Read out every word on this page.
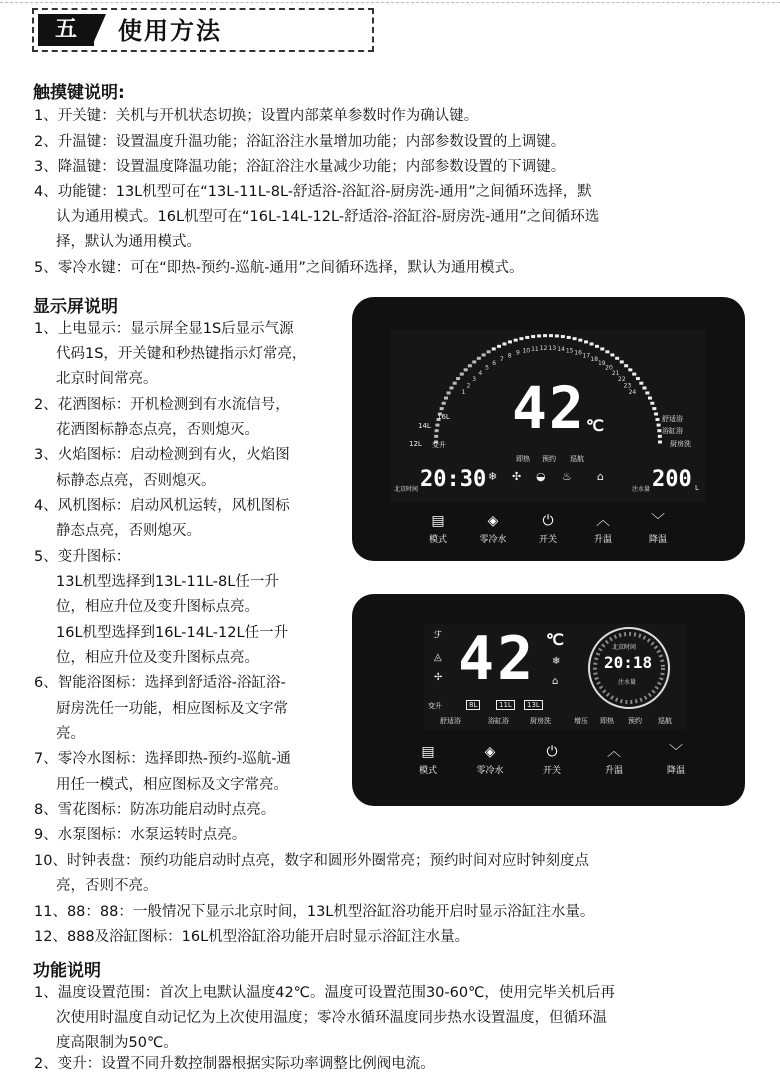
五	使用方法
触摸键说明:
1、开关键：关机与开机状态切换；设置内部菜单参数时作为确认键。
2、升温键：设置温度升温功能；浴缸浴注水量增加功能；内部参数设置的上调键。
3、降温键：设置温度降温功能；浴缸浴注水量减少功能；内部参数设置的下调键。
4、功能键：13L机型可在“13L-11L-8L-舒适浴-浴缸浴-厨房洗-通用”之间循环选择，默
认为通用模式。16L机型可在“16L-14L-12L-舒适浴-浴缸浴-厨房洗-通用”之间循环选
择，默认为通用模式。
5、零冷水键：可在“即热-预约-巡航-通用”之间循环选择，默认为通用模式。
显示屏说明
1、上电显示：显示屏全显1S后显示气源
代码1S，开关键和秒热键指示灯常亮，
北京时间常亮。
2、花洒图标：开机检测到有水流信号，
花洒图标静态点亮，否则熄灭。
3、火焰图标：启动检测到有火，火焰图
标静态点亮，否则熄灭。
4、风机图标：启动风机运转，风机图标
静态点亮，否则熄灭。
5、变升图标：
13L机型选择到13L-11L-8L任一升
位，相应升位及变升图标点亮。
16L机型选择到16L-14L-12L任一升
位，相应升位及变升图标点亮。
6、智能浴图标：选择到舒适浴-浴缸浴-
厨房洗任一功能，相应图标及文字常
亮。
7、零冷水图标：选择即热-预约-巡航-通
用任一模式，相应图标及文字常亮。
8、雪花图标：防冻功能启动时点亮。
9、水泵图标：水泵运转时点亮。
10、时钟表盘：预约功能启动时点亮，数字和圆形外圈常亮；预约时间对应时钟刻度点
亮，否则不亮。
11、88：88：一般情况下显示北京时间，13L机型浴缸浴功能开启时显示浴缸注水量。
12、888及浴缸图标：16L机型浴缸浴功能开启时显示浴缸注水量。
功能说明
1、温度设置范围：首次上电默认温度42℃。温度可设置范围30-60℃，使用完毕关机后再
次使用时温度自动记忆为上次使用温度；零冷水循环温度同步热水设置温度，但循环温
度高限制为50℃。
2、变升：设置不同升数控制器根据实际功率调整比例阀电流。
1
2
3
4
5
6
7
8 9 10 11 12 13 14 15 16 17
18
19
20
21
22
23
24
42 ℃
16L
14L
12L 变升
舒适浴
浴缸浴
厨房洗
即热 预约 巡航
北京时间 20:30	注水量 200 L
❄ ✣ ◒ ♨ ⌂
▤
模式
◈
零冷水
⏻
开关
︿
升温
﹀
降温
ℱ
◬
✢ 42 ℃
❄
⌂
北京时间
20:18
注水量
变升	8L	11L	13L
舒适浴	浴缸浴	厨房洗	增压 即热 预约 巡航
▤
模式
◈
零冷水
⏻
开关
︿
升温
﹀
降温
